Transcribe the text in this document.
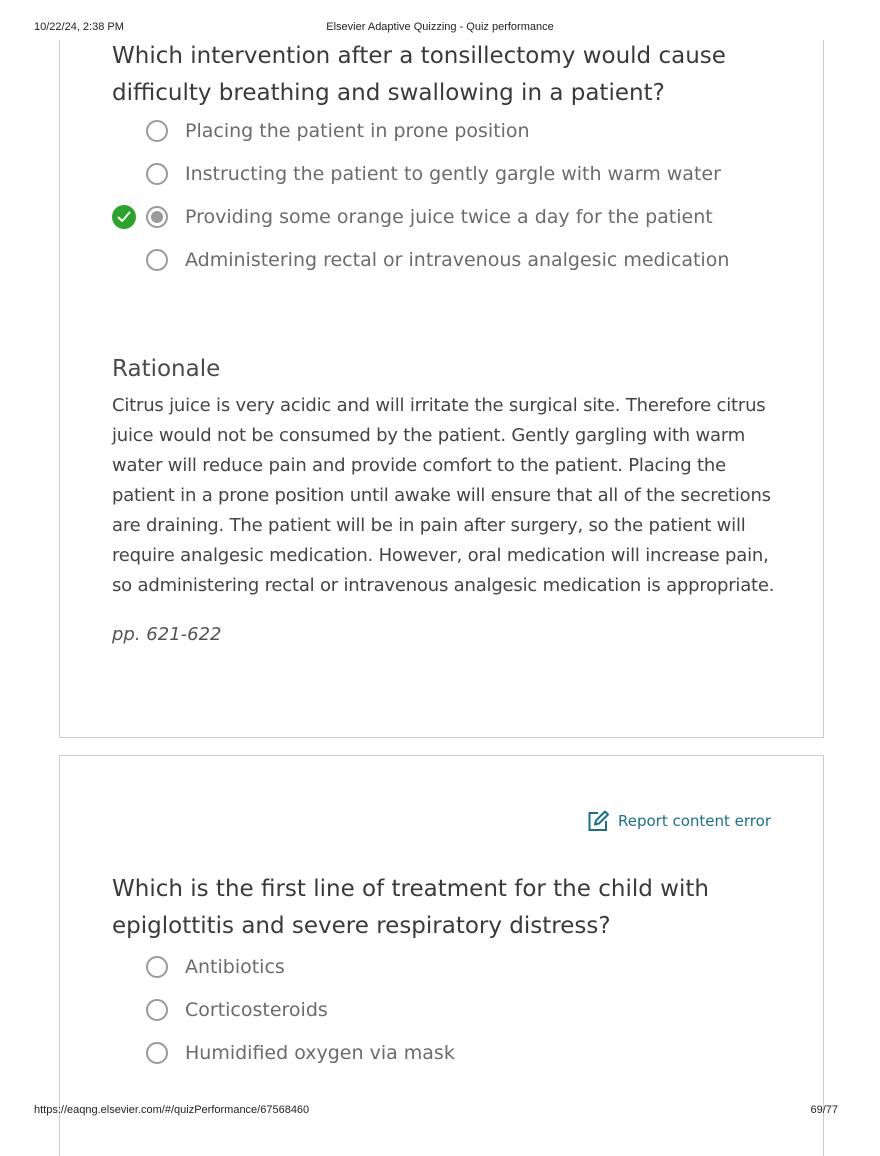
10/22/24, 2:38 PM	Elsevier Adaptive Quizzing - Quiz performance
Which intervention after a tonsillectomy would cause difficulty breathing and swallowing in a patient?
Placing the patient in prone position
Instructing the patient to gently gargle with warm water
Providing some orange juice twice a day for the patient
Administering rectal or intravenous analgesic medication
Rationale

Citrus juice is very acidic and will irritate the surgical site. Therefore citrus juice would not be consumed by the patient. Gently gargling with warm water will reduce pain and provide comfort to the patient. Placing the patient in a prone position until awake will ensure that all of the secretions are draining. The patient will be in pain after surgery, so the patient will require analgesic medication. However, oral medication will increase pain, so administering rectal or intravenous analgesic medication is appropriate.

pp. 621-622

Report content error
Which is the first line of treatment for the child with epiglottitis and severe respiratory distress?
Antibiotics
Corticosteroids
Humidified oxygen via mask
https://eaqng.elsevier.com/#/quizPerformance/67568460	69/77
